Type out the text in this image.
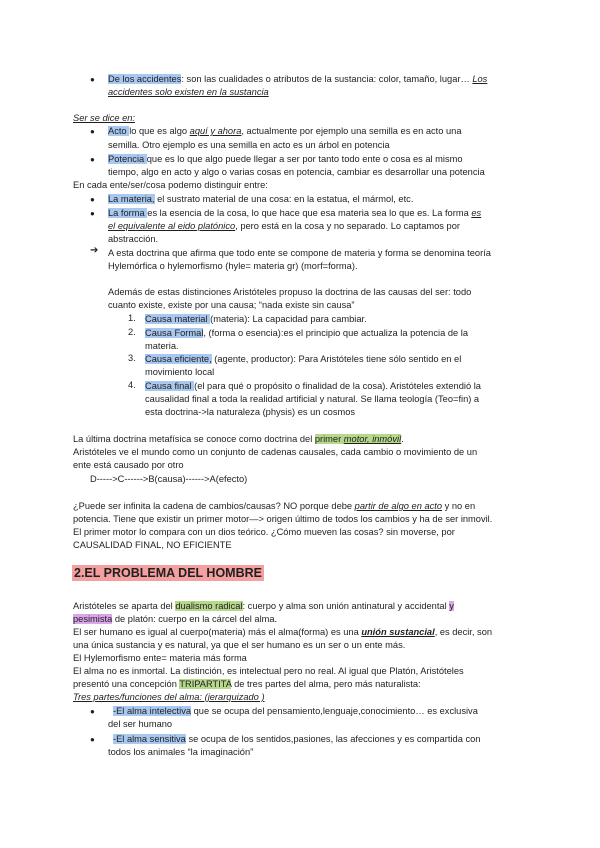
● De los accidentes: son las cualidades o atributos de la sustancia: color, tamaño, lugar… Los
accidentes solo existen en la sustancia
Ser se dice en:
● Acto lo que es algo aquí y ahora, actualmente por ejemplo una semilla es en acto una
semilla. Otro ejemplo es una semilla en acto es un árbol en potencia
● Potencia que es lo que algo puede llegar a ser por tanto todo ente o cosa es al mismo
tiempo, algo en acto y algo o varias cosas en potencia, cambiar es desarrollar una potencia
En cada ente/ser/cosa podemo distinguir entre:
● La materia, el sustrato material de una cosa: en la estatua, el mármol, etc.
● La forma es la esencia de la cosa, lo que hace que esa materia sea lo que es. La forma es
el equivalente al eido platónico, pero está en la cosa y no separado. Lo captamos por
abstracción.
➔ A esta doctrina que afirma que todo ente se compone de materia y forma se denomina teoría
Hylemórfica o hylemorfismo (hyle= materia gr) (morf=forma).
Además de estas distinciones Aristóteles propuso la doctrina de las causas del ser: todo
cuanto existe, existe por una causa; “nada existe sin causa”
1. Causa material (materia): La capacidad para cambiar.
2. Causa Formal, (forma o esencia):es el principio que actualiza la potencia de la
materia.
3. Causa eficiente, (agente, productor): Para Aristóteles tiene sólo sentido en el
movimiento local
4. Causa final (el para qué o propósito o finalidad de la cosa). Aristóteles extendió la
causalidad final a toda la realidad artificial y natural. Se llama teología (Teo=fin) a
esta doctrina->la naturaleza (physis) es un cosmos
La última doctrina metafísica se conoce como doctrina del primer motor, inmóvil.
Aristóteles ve el mundo como un conjunto de cadenas causales, cada cambio o movimiento de un
ente está causado por otro
D----->C------>B(causa)------>A(efecto)
¿Puede ser infinita la cadena de cambios/causas? NO porque debe partir de algo en acto y no en
potencia. Tiene que existir un primer motor—> origen último de todos los cambios y ha de ser inmovil.
El primer motor lo compara con un dios teórico. ¿Cómo mueven las cosas? sin moverse, por
CAUSALIDAD FINAL, NO EFICIENTE
2.EL PROBLEMA DEL HOMBRE
Aristóteles se aparta del dualismo radical: cuerpo y alma son unión antinatural y accidental y
pesimista de platón: cuerpo en la cárcel del alma.
El ser humano es igual al cuerpo(materia) más el alma(forma) es una unión sustancial, es decir, son
una única sustancia y es natural, ya que el ser humano es un ser o un ente más.
El Hylemorfismo ente= materia más forma
El alma no es inmortal. La distinción, es intelectual pero no real. Al igual que Platón, Aristóteles
presentó una concepción TRIPARTITA de tres partes del alma, pero más naturalista:
Tres partes/funciones del alma: (jerarquizado )
● -El alma intelectiva que se ocupa del pensamiento,lenguaje,conocimiento… es exclusiva
del ser humano
● -El alma sensitiva se ocupa de los sentidos,pasiones, las afecciones y es compartida con
todos los animales “la imaginación”
